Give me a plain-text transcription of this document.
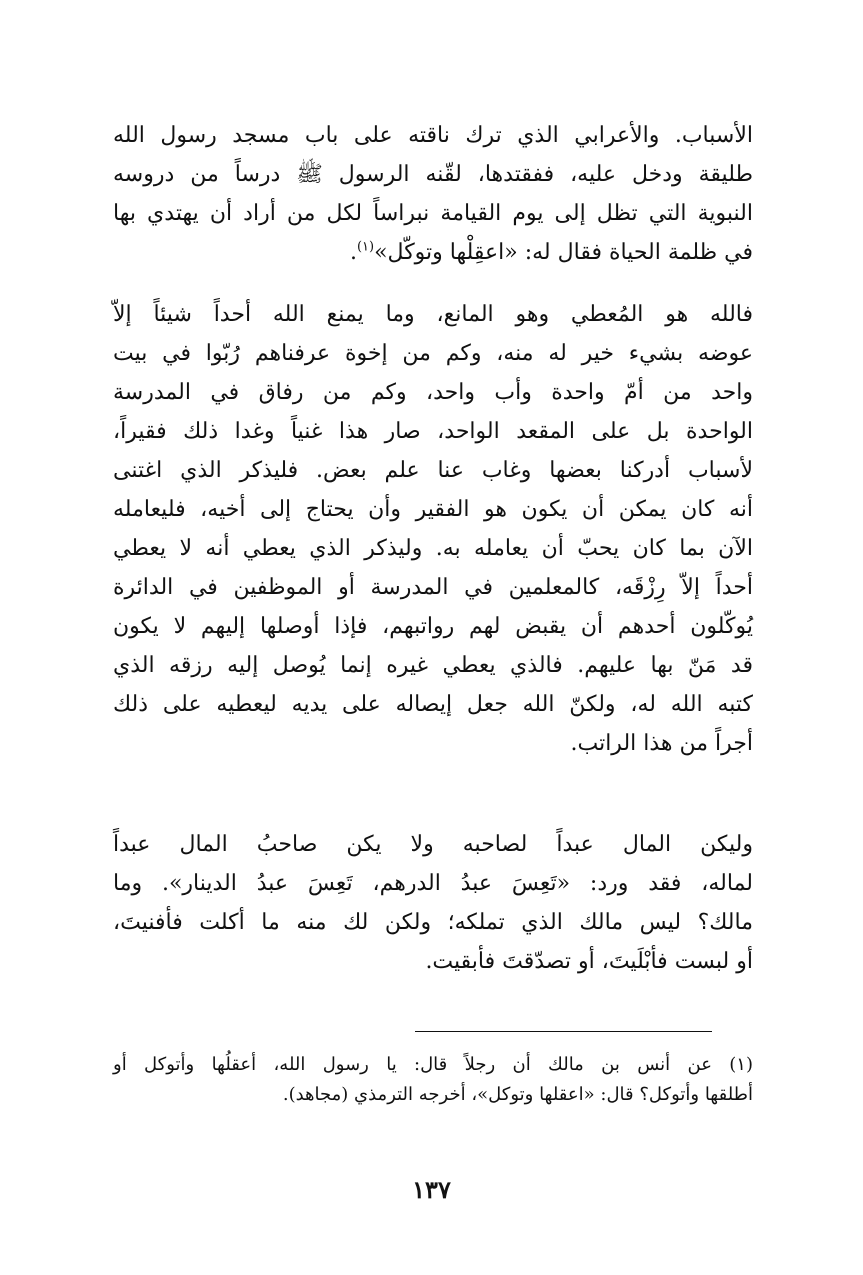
الأسباب. والأعرابي الذي ترك ناقته على باب مسجد رسول الله
طليقة ودخل عليه، ففقتدها، لقّنه الرسول ﷺ درساً من دروسه
النبوية التي تظل إلى يوم القيامة نبراساً لكل من أراد أن يهتدي بها
في ظلمة الحياة فقال له: «اعقِلْها وتوكّل»$^{(١)}$.
فالله هو المُعطي وهو المانع، وما يمنع الله أحداً شيئاً إلاّ
عوضه بشيء خير له منه، وكم من إخوة عرفناهم رُبّوا في بيت
واحد من أمّ واحدة وأب واحد، وكم من رفاق في المدرسة
الواحدة بل على المقعد الواحد، صار هذا غنياً وغدا ذلك فقيراً،
لأسباب أدركنا بعضها وغاب عنا علم بعض. فليذكر الذي اغتنى
أنه كان يمكن أن يكون هو الفقير وأن يحتاج إلى أخيه، فليعامله
الآن بما كان يحبّ أن يعامله به. وليذكر الذي يعطي أنه لا يعطي
أحداً إلاّ رِزْقَه، كالمعلمين في المدرسة أو الموظفين في الدائرة
يُوكّلون أحدهم أن يقبض لهم رواتبهم، فإذا أوصلها إليهم لا يكون
قد مَنّ بها عليهم. فالذي يعطي غيره إنما يُوصل إليه رزقه الذي
كتبه الله له، ولكنّ الله جعل إيصاله على يديه ليعطيه على ذلك
أجراً من هذا الراتب.
وليكن المال عبداً لصاحبه ولا يكن صاحبُ المال عبداً
لماله، فقد ورد: «تَعِسَ عبدُ الدرهم، تَعِسَ عبدُ الدينار». وما
مالك؟ ليس مالك الذي تملكه؛ ولكن لك منه ما أكلت فأفنيتَ،
أو لبست فأبْلَيتَ، أو تصدّقتَ فأبقيت.
(١) عن أنس بن مالك أن رجلاً قال: يا رسول الله، أعقلُها وأتوكل أو
أطلقها وأتوكل؟ قال: «اعقلها وتوكل»، أخرجه الترمذي (مجاهد).
١٣٧
